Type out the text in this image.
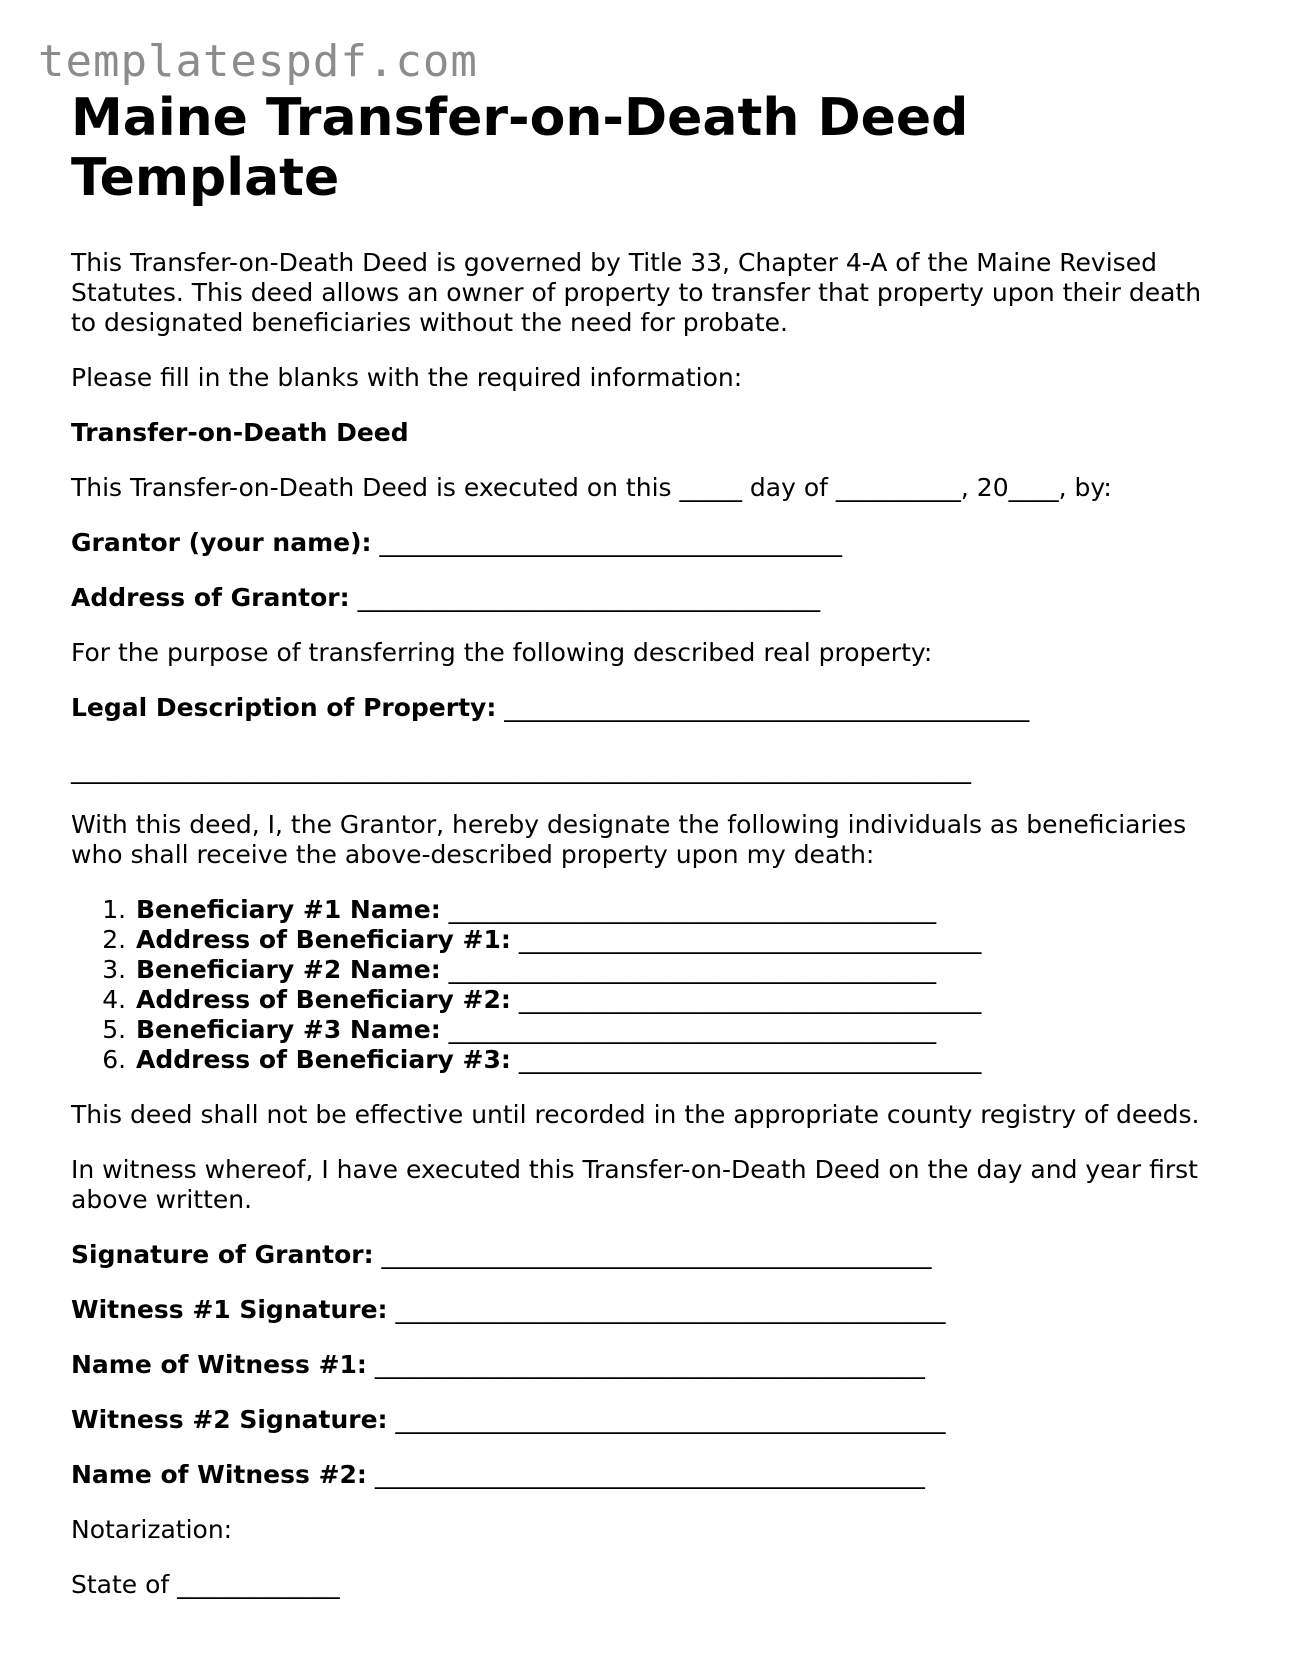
templatespdf.com
Maine Transfer-on-Death Deed
Template

This Transfer-on-Death Deed is governed by Title 33, Chapter 4-A of the Maine Revised Statutes. This deed allows an owner of property to transfer that property upon their death to designated beneficiaries without the need for probate.

Please fill in the blanks with the required information:

Transfer-on-Death Deed

This Transfer-on-Death Deed is executed on this _____ day of __________, 20____, by:

Grantor (your name): _____________________________________

Address of Grantor: _____________________________________

For the purpose of transferring the following described real property:

Legal Description of Property: __________________________________________

________________________________________________________________________

With this deed, I, the Grantor, hereby designate the following individuals as beneficiaries who shall receive the above-described property upon my death:

1. Beneficiary #1 Name: _______________________________________
2. Address of Beneficiary #1: _____________________________________
3. Beneficiary #2 Name: _______________________________________
4. Address of Beneficiary #2: _____________________________________
5. Beneficiary #3 Name: _______________________________________
6. Address of Beneficiary #3: _____________________________________

This deed shall not be effective until recorded in the appropriate county registry of deeds.

In witness whereof, I have executed this Transfer-on-Death Deed on the day and year first above written.

Signature of Grantor: ____________________________________________

Witness #1 Signature: ____________________________________________

Name of Witness #1: ____________________________________________

Witness #2 Signature: ____________________________________________

Name of Witness #2: ____________________________________________

Notarization:

State of _____________
